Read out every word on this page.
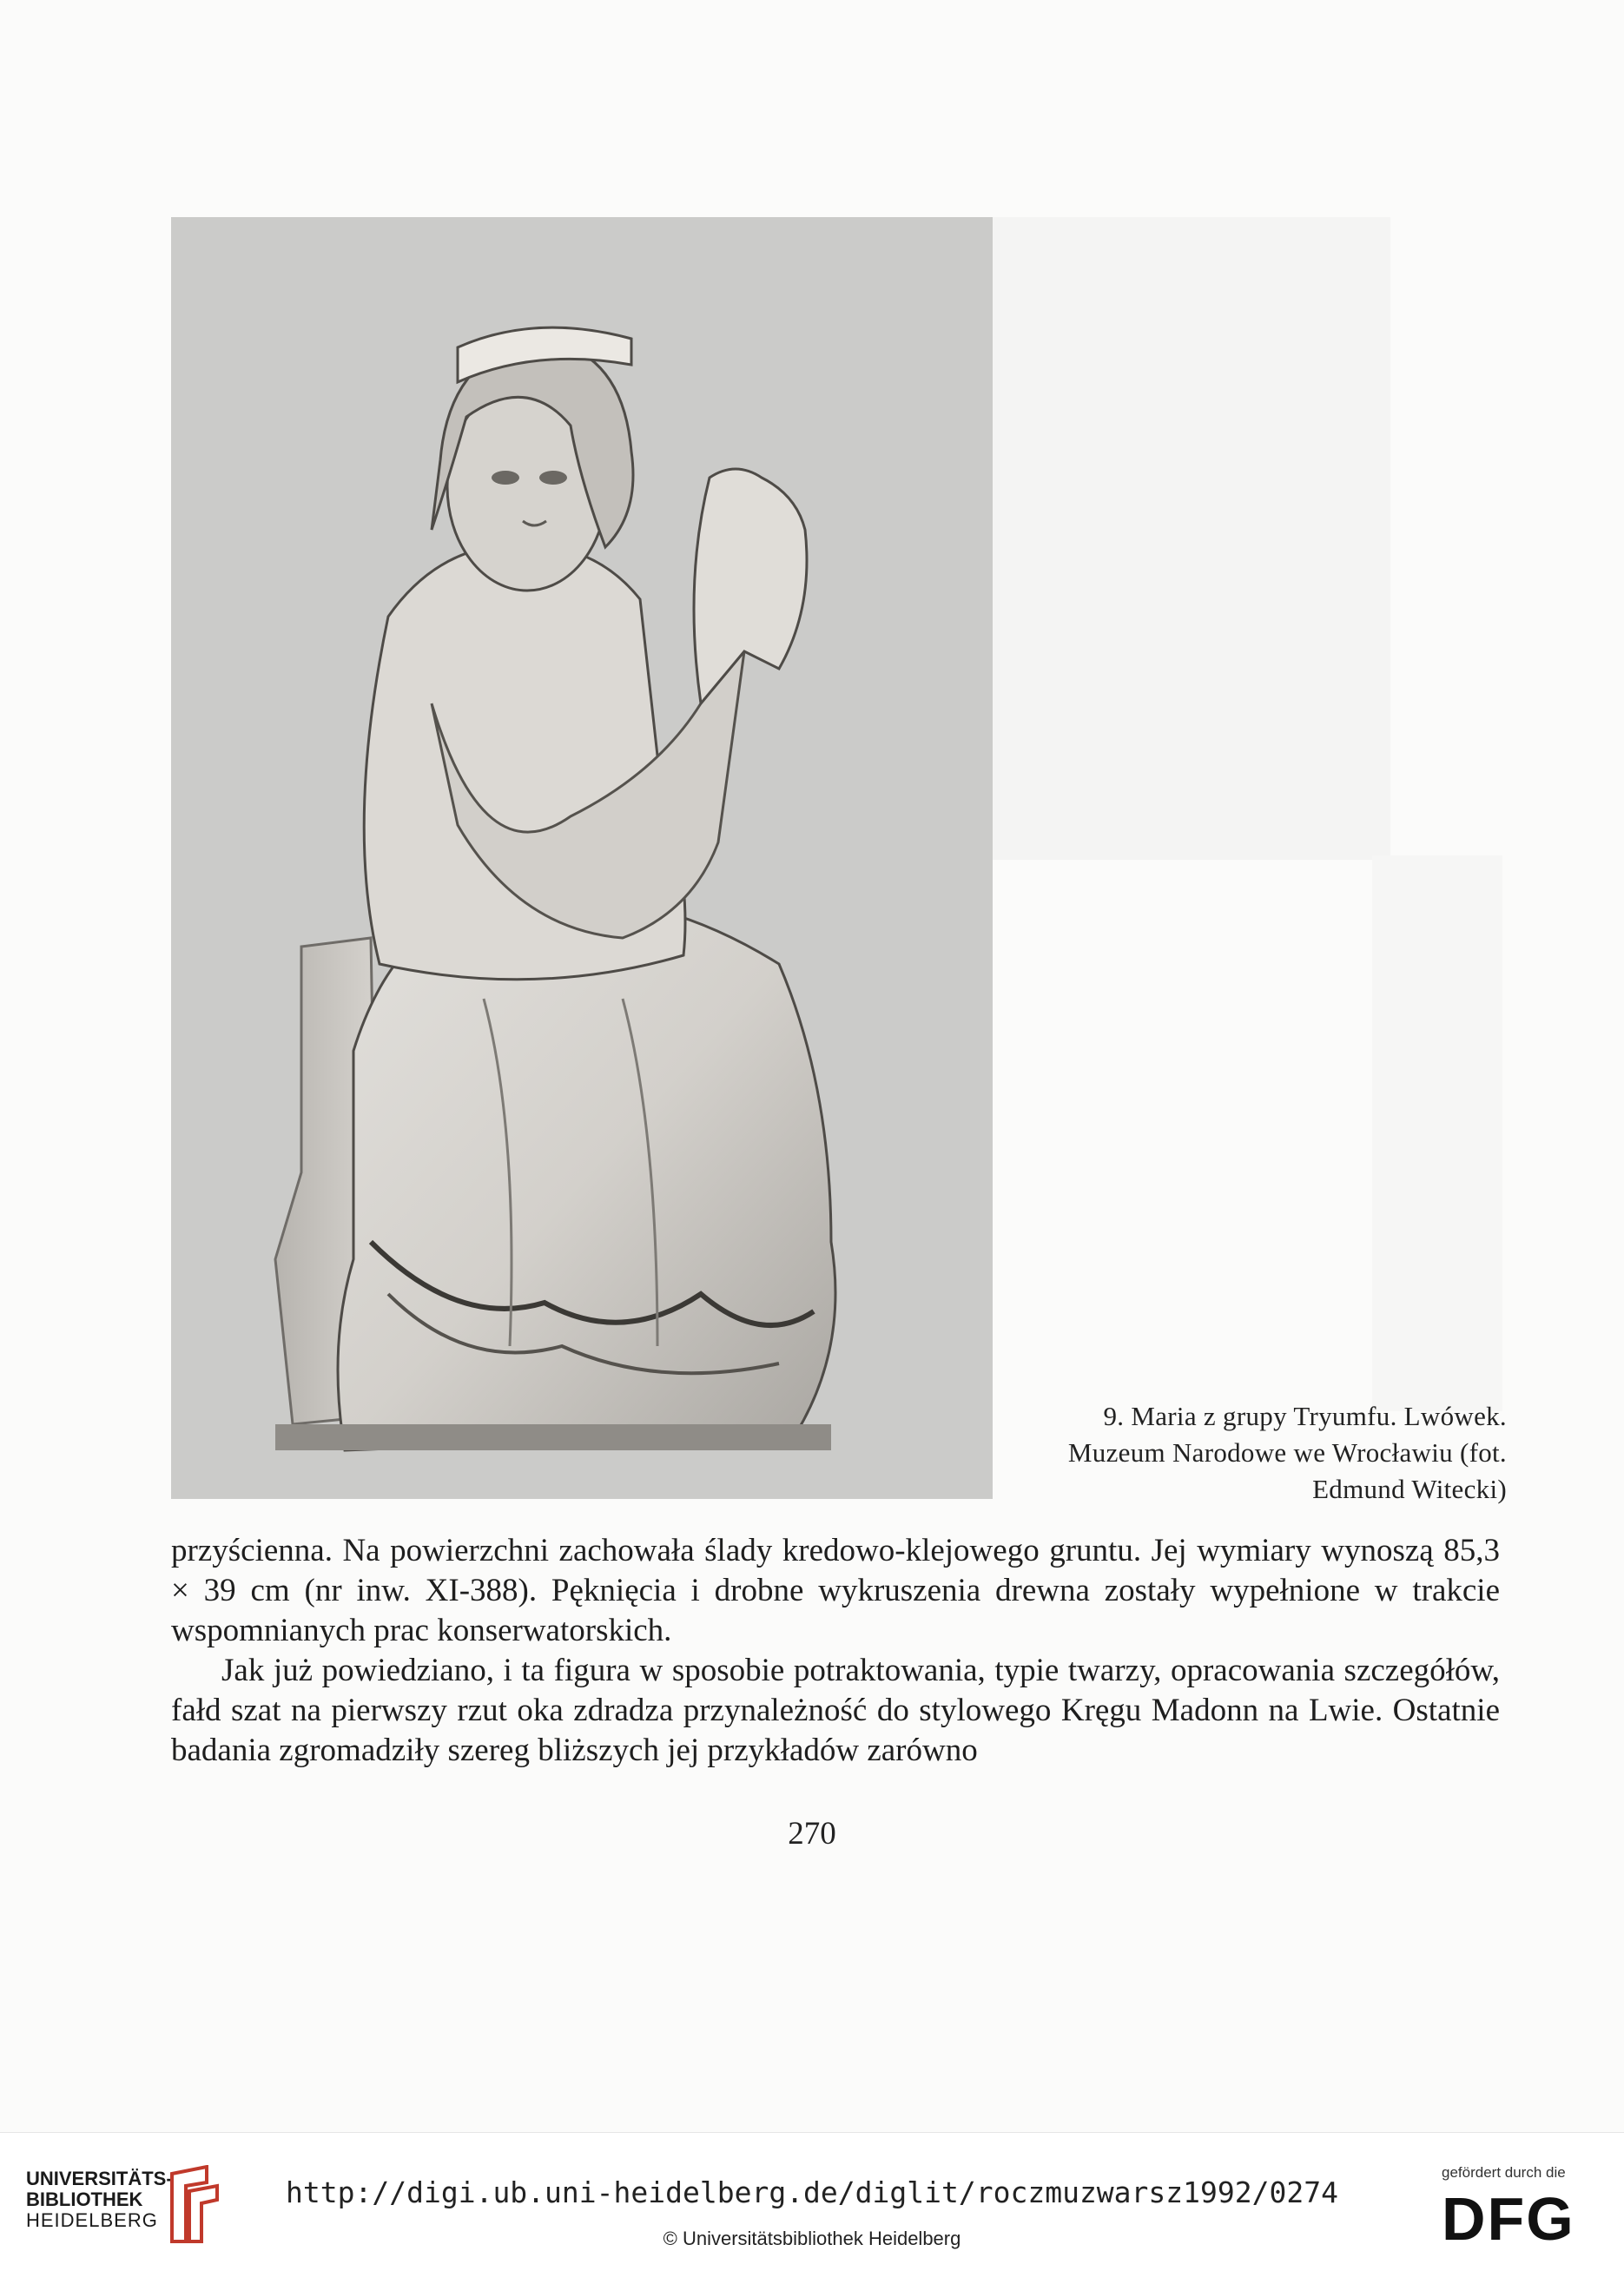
9. Maria z grupy Tryumfu. Lwówek.
Muzeum Narodowe we Wrocławiu (fot.
Edmund Witecki)

przyścienna. Na powierzchni zachowała ślady kredowo-klejowego gruntu. Jej wymiary wynoszą 85,3 × 39 cm (nr inw. XI-388). Pęknięcia i drobne wykruszenia drewna zostały wypełnione w trakcie wspomnianych prac konserwatorskich.

Jak już powiedziano, i ta figura w sposobie potraktowania, typie twarzy, opracowania szczegółów, fałd szat na pierwszy rzut oka zdradza przynależność do stylowego Kręgu Madonn na Lwie. Ostatnie badania zgromadziły szereg bliższych jej przykładów zarówno

270
UNIVERSITÄTS-
BIBLIOTHEK
HEIDELBERG
http://digi.ub.uni-heidelberg.de/diglit/roczmuzwarsz1992/0274
© Universitätsbibliothek Heidelberg
gefördert durch die
DFG
